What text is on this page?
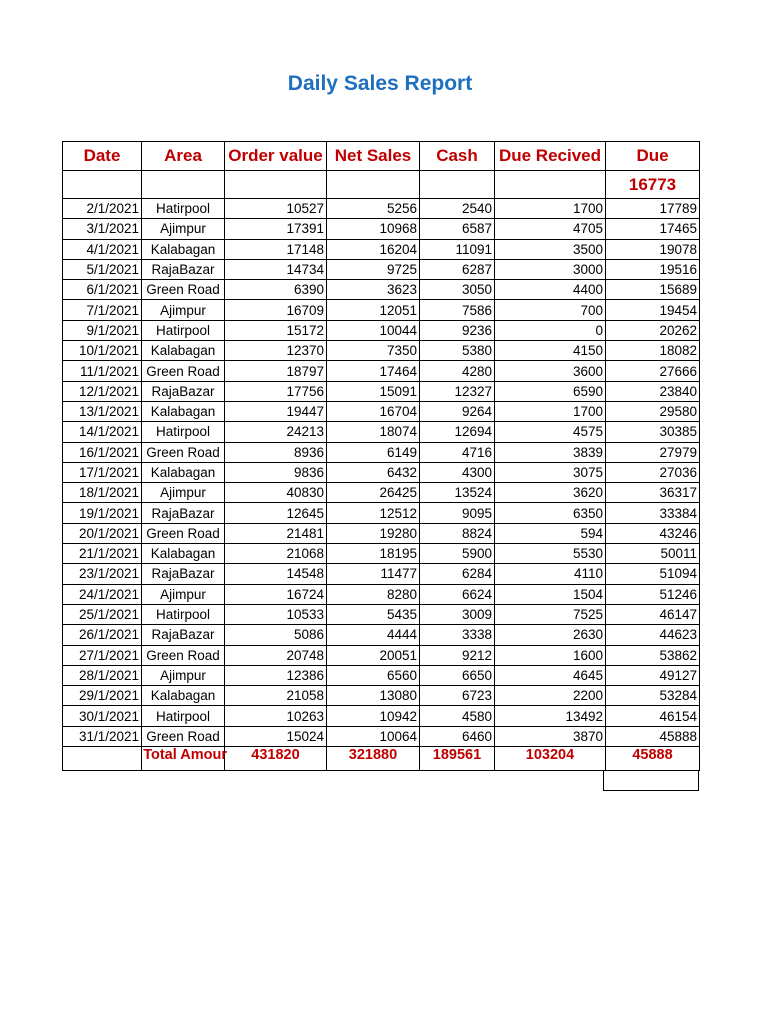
Daily Sales Report
Date	Area	Order value	Net Sales	Cash	Due Recived	Due
						16773
2/1/2021	Hatirpool	10527	5256	2540	1700	17789
3/1/2021	Ajimpur	17391	10968	6587	4705	17465
4/1/2021	Kalabagan	17148	16204	11091	3500	19078
5/1/2021	RajaBazar	14734	9725	6287	3000	19516
6/1/2021	Green Road	6390	3623	3050	4400	15689
7/1/2021	Ajimpur	16709	12051	7586	700	19454
9/1/2021	Hatirpool	15172	10044	9236	0	20262
10/1/2021	Kalabagan	12370	7350	5380	4150	18082
11/1/2021	Green Road	18797	17464	4280	3600	27666
12/1/2021	RajaBazar	17756	15091	12327	6590	23840
13/1/2021	Kalabagan	19447	16704	9264	1700	29580
14/1/2021	Hatirpool	24213	18074	12694	4575	30385
16/1/2021	Green Road	8936	6149	4716	3839	27979
17/1/2021	Kalabagan	9836	6432	4300	3075	27036
18/1/2021	Ajimpur	40830	26425	13524	3620	36317
19/1/2021	RajaBazar	12645	12512	9095	6350	33384
20/1/2021	Green Road	21481	19280	8824	594	43246
21/1/2021	Kalabagan	21068	18195	5900	5530	50011
23/1/2021	RajaBazar	14548	11477	6284	4110	51094
24/1/2021	Ajimpur	16724	8280	6624	1504	51246
25/1/2021	Hatirpool	10533	5435	3009	7525	46147
26/1/2021	RajaBazar	5086	4444	3338	2630	44623
27/1/2021	Green Road	20748	20051	9212	1600	53862
28/1/2021	Ajimpur	12386	6560	6650	4645	49127
29/1/2021	Kalabagan	21058	13080	6723	2200	53284
30/1/2021	Hatirpool	10263	10942	4580	13492	46154
31/1/2021	Green Road	15024	10064	6460	3870	45888

	Total Amour	431820	321880	189561	103204	45888
